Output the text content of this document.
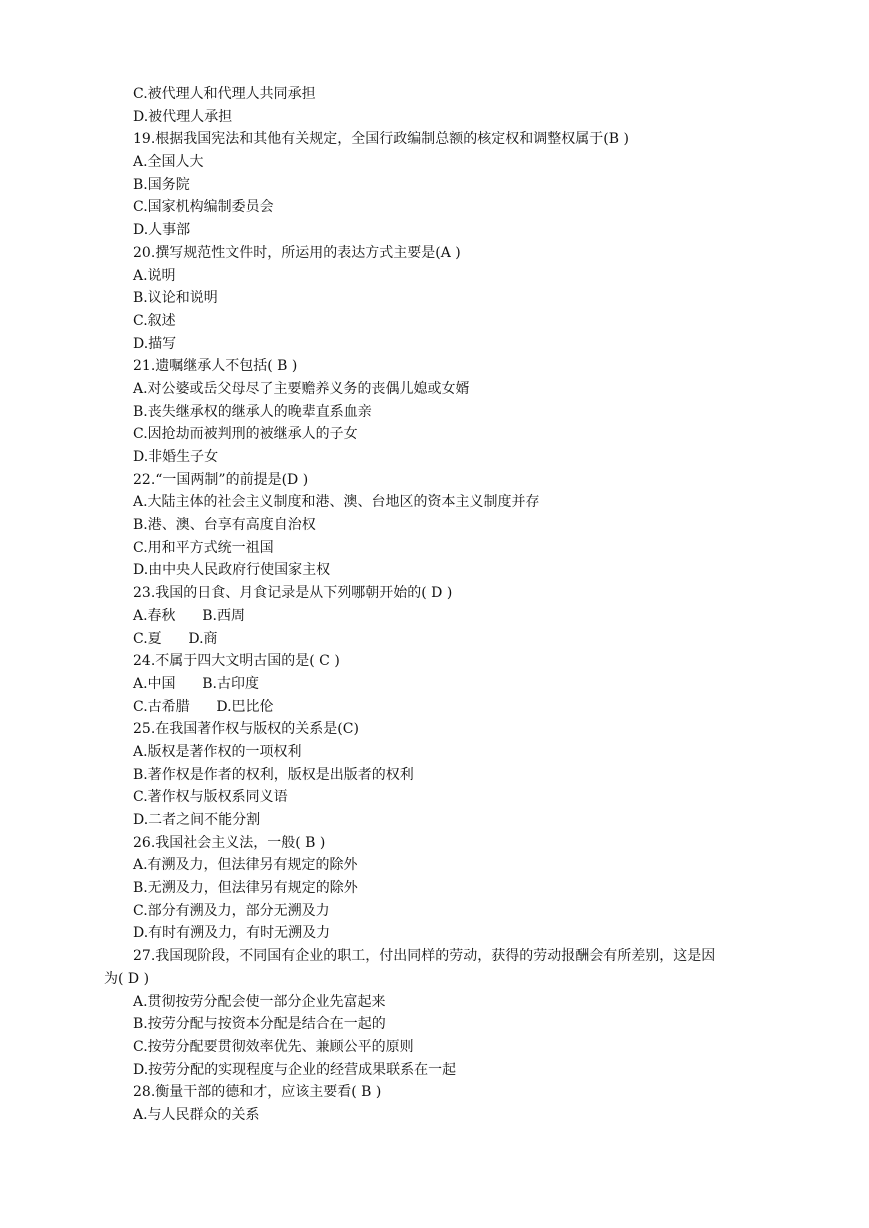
C.被代理人和代理人共同承担
D.被代理人承担
19.根据我国宪法和其他有关规定，全国行政编制总额的核定权和调整权属于(B )
A.全国人大
B.国务院
C.国家机构编制委员会
D.人事部
20.撰写规范性文件时，所运用的表达方式主要是(A )
A.说明
B.议论和说明
C.叙述
D.描写
21.遗嘱继承人不包括( B )
A.对公婆或岳父母尽了主要赡养义务的丧偶儿媳或女婿
B.丧失继承权的继承人的晚辈直系血亲
C.因抢劫而被判刑的被继承人的子女
D.非婚生子女
22.“一国两制”的前提是(D )
A.大陆主体的社会主义制度和港、澳、台地区的资本主义制度并存
B.港、澳、台享有高度自治权
C.用和平方式统一祖国
D.由中央人民政府行使国家主权
23.我国的日食、月食记录是从下列哪朝开始的( D )
A.春秋      B.西周
C.夏      D.商
24.不属于四大文明古国的是( C )
A.中国      B.古印度
C.古希腊      D.巴比伦
25.在我国著作权与版权的关系是(C)
A.版权是著作权的一项权利
B.著作权是作者的权利，版权是出版者的权利
C.著作权与版权系同义语
D.二者之间不能分割
26.我国社会主义法，一般( B )
A.有溯及力，但法律另有规定的除外
B.无溯及力，但法律另有规定的除外
C.部分有溯及力，部分无溯及力
D.有时有溯及力，有时无溯及力
27.我国现阶段，不同国有企业的职工，付出同样的劳动，获得的劳动报酬会有所差别，这是因
为( D )
A.贯彻按劳分配会使一部分企业先富起来
B.按劳分配与按资本分配是结合在一起的
C.按劳分配要贯彻效率优先、兼顾公平的原则
D.按劳分配的实现程度与企业的经营成果联系在一起
28.衡量干部的德和才，应该主要看( B )
A.与人民群众的关系
